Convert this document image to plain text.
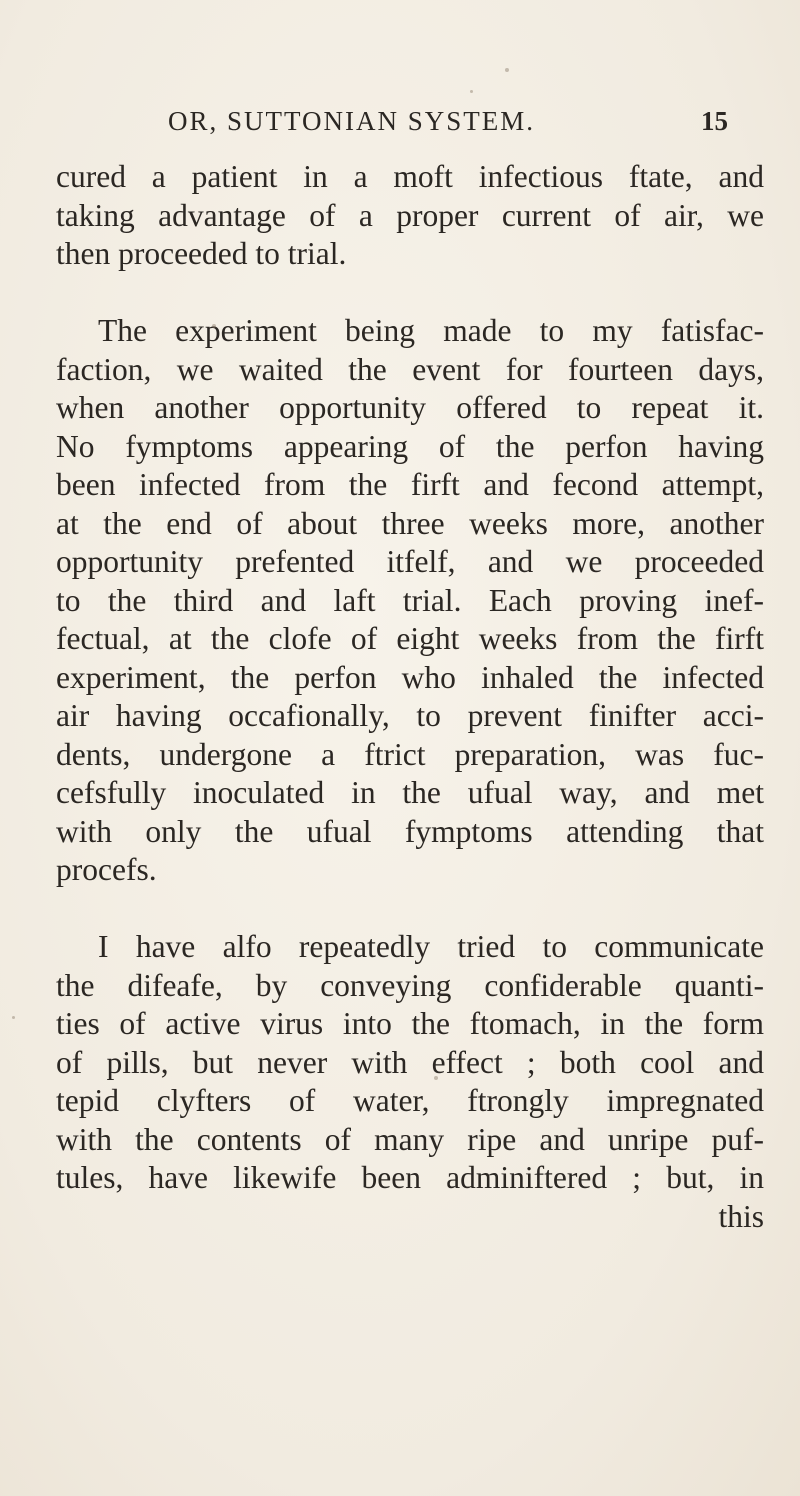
OR, SUTTONIAN SYSTEM.	15
cured a patient in a moft infectious ftate, and
taking advantage of a proper current of air, we
then proceeded to trial.
The experiment being made to my fatisfac-
faction, we waited the event for fourteen days,
when another opportunity offered to repeat it.
No fymptoms appearing of the perfon having
been infected from the firft and fecond attempt,
at the end of about three weeks more, another
opportunity prefented itfelf, and we proceeded
to the third and laft trial. Each proving inef-
fectual, at the clofe of eight weeks from the firft
experiment, the perfon who inhaled the infected
air having occafionally, to prevent finifter acci-
dents, undergone a ftrict preparation, was fuc-
cefsfully inoculated in the ufual way, and met
with only the ufual fymptoms attending that
procefs.
I have alfo repeatedly tried to communicate
the difeafe, by conveying confiderable quanti-
ties of active virus into the ftomach, in the form
of pills, but never with effect ; both cool and
tepid clyfters of water, ftrongly impregnated
with the contents of many ripe and unripe puf-
tules, have likewife been adminiftered ; but, in
this
